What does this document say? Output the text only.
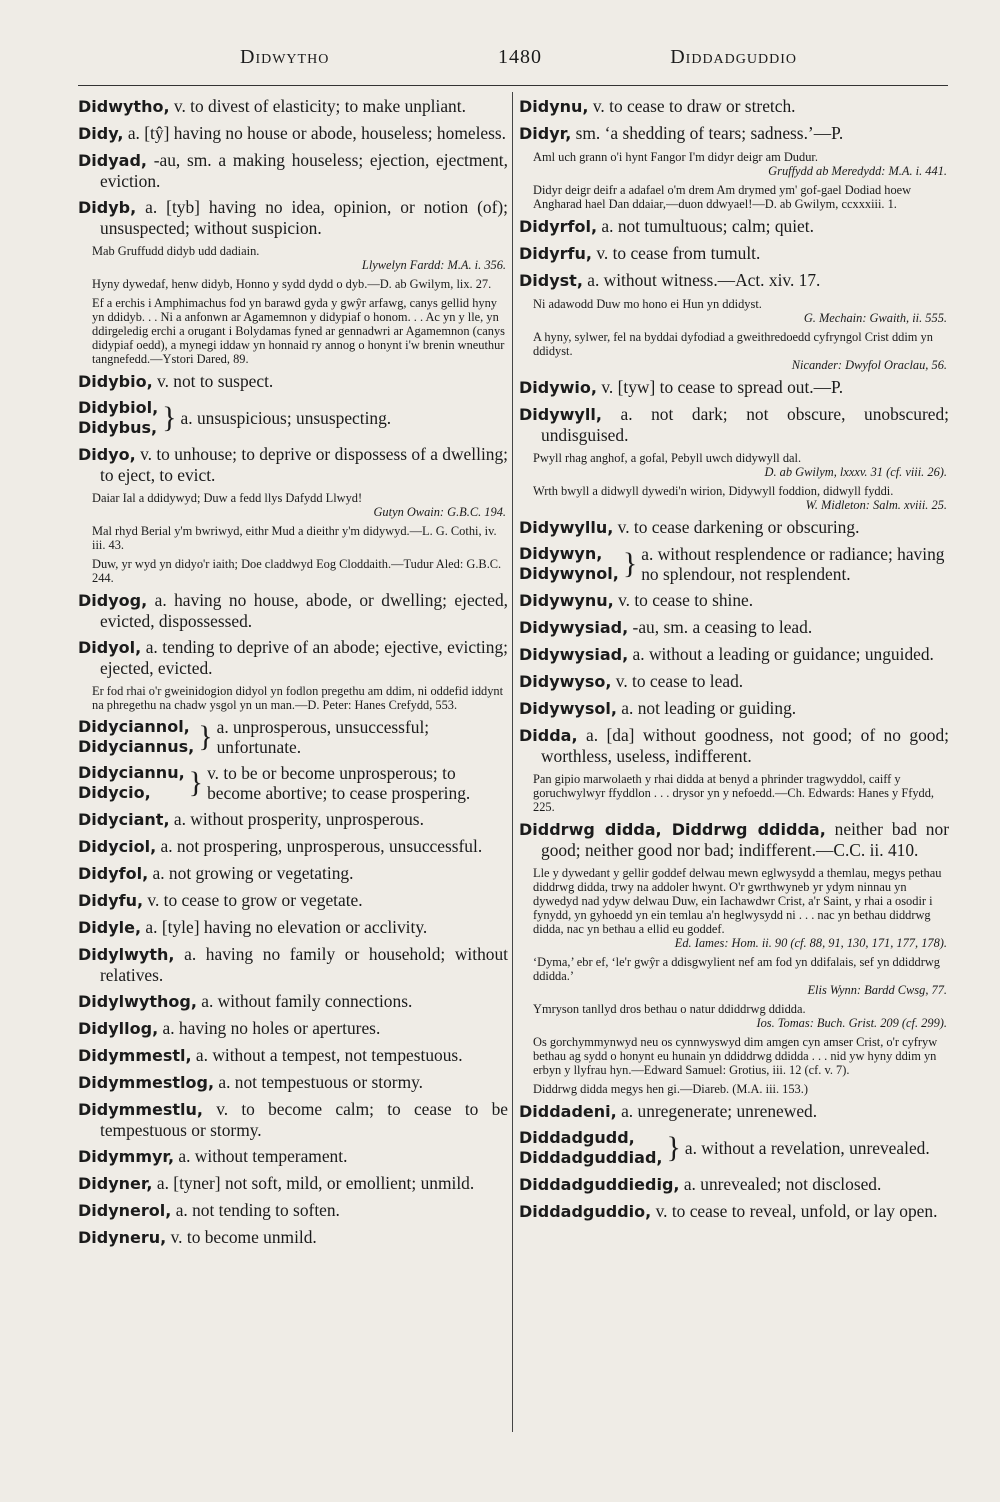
Didwytho	1480	Diddadguddio
Didwytho, v. to divest of elasticity; to make unpliant.
Didy, a. [tŷ] having no house or abode, houseless; homeless.
Didyad, -au, sm. a making houseless; ejection, ejectment, eviction.
Didyb, a. [tyb] having no idea, opinion, or notion (of); unsuspected; without suspicion.
Mab Gruffudd didyb udd dadiain.
Llywelyn Fardd: M.A. i. 356.
Hyny dywedaf, henw didyb, Honno y sydd dydd o dyb.—D. ab Gwilym, lix. 27.
Ef a erchis i Amphimachus fod yn barawd gyda y gwŷr arfawg, canys gellid hyny yn ddidyb. . . Ni a anfonwn ar Agamemnon y didypiaf o honom. . . Ac yn y lle, yn ddirgeledig erchi a orugant i Bolydamas fyned ar gennadwri ar Agamemnon (canys didypiaf oedd), a mynegi iddaw yn honnaid ry annog o honynt i'w brenin wneuthur tangnefedd.—Ystori Dared, 89.
Didybio, v. not to suspect.
Didybiol,
Didybus, } a. unsuspicious; unsuspecting.
Didyo, v. to unhouse; to deprive or dispossess of a dwelling; to eject, to evict.
Daiar Ial a ddidywyd; Duw a fedd llys Dafydd Llwyd!
Gutyn Owain: G.B.C. 194.
Mal rhyd Berial y'm bwriwyd, eithr Mud a dieithr y'm didywyd.—L. G. Cothi, iv. iii. 43.
Duw, yr wyd yn didyo'r iaith; Doe claddwyd Eog Cloddaith.—Tudur Aled: G.B.C. 244.
Didyog, a. having no house, abode, or dwelling; ejected, evicted, dispossessed.
Didyol, a. tending to deprive of an abode; ejective, evicting; ejected, evicted.
Er fod rhai o'r gweinidogion didyol yn fodlon pregethu am ddim, ni oddefid iddynt na phregethu na chadw ysgol yn un man.—D. Peter: Hanes Crefydd, 553.
Didyciannol,
Didyciannus, } a. unprosperous, unsuccessful; unfortunate.
Didyciannu,
Didycio,	} v. to be or become unprosperous; to become abortive; to cease prospering.
Didyciant, a. without prosperity, unprosperous.
Didyciol, a. not prospering, unprosperous, unsuccessful.
Didyfol, a. not growing or vegetating.
Didyfu, v. to cease to grow or vegetate.
Didyle, a. [tyle] having no elevation or acclivity.
Didylwyth, a. having no family or household; without relatives.
Didylwythog, a. without family connections.
Didyllog, a. having no holes or apertures.
Didymmestl, a. without a tempest, not tempestuous.
Didymmestlog, a. not tempestuous or stormy.
Didymmestlu, v. to become calm; to cease to be tempestuous or stormy.
Didymmyr, a. without temperament.
Didyner, a. [tyner] not soft, mild, or emollient; unmild.
Didynerol, a. not tending to soften.
Didyneru, v. to become unmild.
Didynu, v. to cease to draw or stretch.
Didyr, sm. ‘a shedding of tears; sadness.’—P.
Aml uch grann o'i hynt Fangor I'm didyr deigr am Dudur.
Gruffydd ab Meredydd: M.A. i. 441.
Didyr deigr deifr a adafael o'm drem Am drymed ym' gof-gael Dodiad hoew Angharad hael Dan ddaiar,—duon ddwyael!—D. ab Gwilym, ccxxxiii. 1.
Didyrfol, a. not tumultuous; calm; quiet.
Didyrfu, v. to cease from tumult.
Didyst, a. without witness.—Act. xiv. 17.
Ni adawodd Duw mo hono ei Hun yn ddidyst.
G. Mechain: Gwaith, ii. 555.
A hyny, sylwer, fel na byddai dyfodiad a gweithredoedd cyfryngol Crist ddim yn ddidyst.
Nicander: Dwyfol Oraclau, 56.
Didywio, v. [tyw] to cease to spread out.—P.
Didywyll, a. not dark; not obscure, unobscured; undisguised.
Pwyll rhag anghof, a gofal, Pebyll uwch didywyll dal.
D. ab Gwilym, lxxxv. 31 (cf. viii. 26).
Wrth bwyll a didwyll dywedi'n wirion, Didywyll foddion, didwyll fyddi.
W. Midleton: Salm. xviii. 25.
Didywyllu, v. to cease darkening or obscuring.
Didywyn,
Didywynol, } a. without resplendence or radiance; having no splendour, not resplendent.
Didywynu, v. to cease to shine.
Didywysiad, -au, sm. a ceasing to lead.
Didywysiad, a. without a leading or guidance; unguided.
Didywyso, v. to cease to lead.
Didywysol, a. not leading or guiding.
Didda, a. [da] without goodness, not good; of no good; worthless, useless, indifferent.
Pan gipio marwolaeth y rhai didda at benyd a phrinder tragwyddol, caiff y goruchwylwyr ffyddlon . . . drysor yn y nefoedd.—Ch. Edwards: Hanes y Ffydd, 225.
Diddrwg didda, Diddrwg ddidda, neither bad nor good; neither good nor bad; indifferent.—C.C. ii. 410.
Lle y dywedant y gellir goddef delwau mewn eglwysydd a themlau, megys pethau diddrwg didda, trwy na addoler hwynt. O'r gwrthwyneb yr ydym ninnau yn dywedyd nad ydyw delwau Duw, ein Iachawdwr Crist, a'r Saint, y rhai a osodir i fynydd, yn gyhoedd yn ein temlau a'n heglwysydd ni . . . nac yn bethau diddrwg didda, nac yn bethau a ellid eu goddef.
Ed. Iames: Hom. ii. 90 (cf. 88, 91, 130, 171, 177, 178).
‘Dyma,’ ebr ef, ‘le'r gwŷr a ddisgwylient nef am fod yn ddifalais, sef yn ddiddrwg ddidda.’
Elis Wynn: Bardd Cwsg, 77.
Ymryson tanllyd dros bethau o natur ddiddrwg ddidda.
Ios. Tomas: Buch. Grist. 209 (cf. 299).
Os gorchymmynwyd neu os cynnwyswyd dim amgen cyn amser Crist, o'r cyfryw bethau ag sydd o honynt eu hunain yn ddiddrwg ddidda . . . nid yw hyny ddim yn erbyn y llyfrau hyn.—Edward Samuel: Grotius, iii. 12 (cf. v. 7).
Diddrwg didda megys hen gi.—Diareb. (M.A. iii. 153.)
Diddadeni, a. unregenerate; unrenewed.
Diddadgudd,
Diddadguddiad, } a. without a revelation, unrevealed.
Diddadguddiedig, a. unrevealed; not disclosed.
Diddadguddio, v. to cease to reveal, unfold, or lay open.
